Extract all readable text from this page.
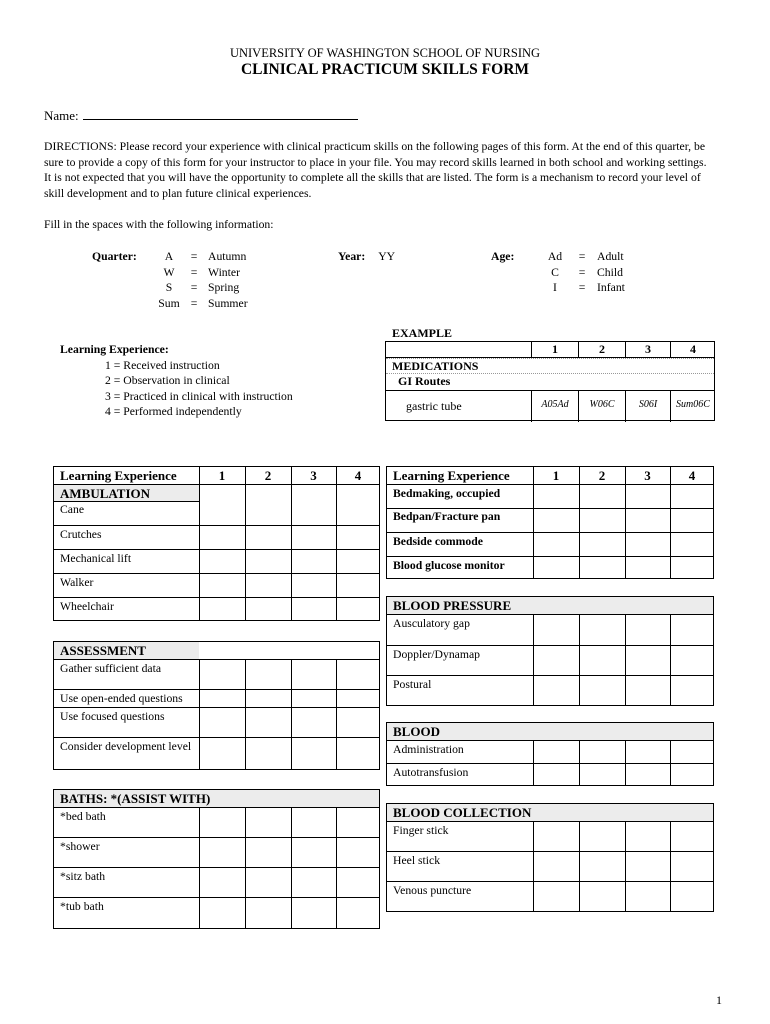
UNIVERSITY OF WASHINGTON SCHOOL OF NURSING
CLINICAL PRACTICUM SKILLS FORM
Name:
DIRECTIONS: Please record your experience with clinical practicum skills on the following pages of this form. At the end of this quarter, be sure to provide a copy of this form for your instructor to place in your file. You may record skills learned in both school and working settings. It is not expected that you will have the opportunity to complete all the skills that are listed. The form is a mechanism to record your level of skill development and to plan future clinical experiences.
Fill in the spaces with the following information:
Quarter:	A	= Autumn
W	= Winter
S	= Spring
Sum = Summer
Year: YY	Age:	Ad	=	Adult
C	=	Child
I	=	Infant
Learning Experience:
1 = Received instruction
2 = Observation in clinical
3 = Practiced in clinical with instruction
4 = Performed independently
EXAMPLE
1	2	3	4
MEDICATIONS
GI Routes
gastric tube	A05Ad	W06C	S06I	Sum06C
Learning Experience	1	2	3	4
AMBULATION
Cane
Crutches
Mechanical lift
Walker
Wheelchair
ASSESSMENT
Gather sufficient data
Use open-ended questions
Use focused questions
Consider development level
BATHS: *(ASSIST WITH)
*bed bath
*shower
*sitz bath
*tub bath
Learning Experience	1	2	3	4
Bedmaking, occupied
Bedpan/Fracture pan
Bedside commode
Blood glucose monitor
BLOOD PRESSURE
Ausculatory gap
Doppler/Dynamap
Postural
BLOOD
Administration
Autotransfusion
BLOOD COLLECTION
Finger stick
Heel stick
Venous puncture
1
